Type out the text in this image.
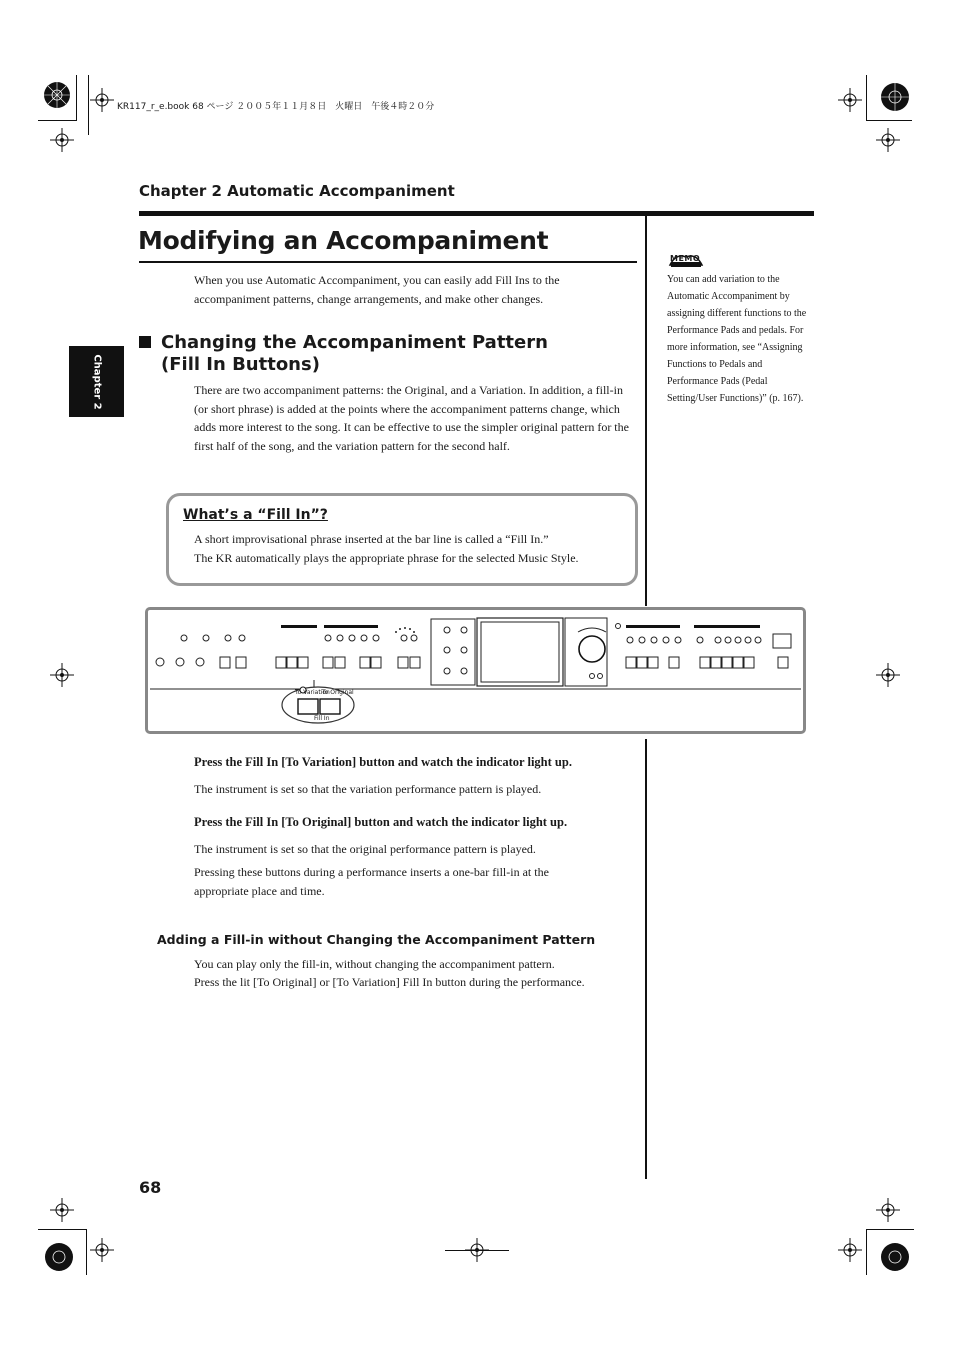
KR117_r_e.book 68 ページ ２００５年１１月８日　火曜日　午後４時２０分
Chapter 2 Automatic Accompaniment
Chapter 2
Modifying an Accompaniment
When you use Automatic Accompaniment, you can easily add Fill Ins to the accompaniment patterns, change arrangements, and make other changes.
Changing the Accompaniment Pattern
(Fill In Buttons)
There are two accompaniment patterns: the Original, and a Variation. In addition, a fill-in (or short phrase) is added at the points where the accompaniment patterns change, which adds more interest to the song. It can be effective to use the simpler original pattern for the first half of the song, and the variation pattern for the second half.
What’s a “Fill In”?
A short improvisational phrase inserted at the bar line is called a “Fill In.”
The KR automatically plays the appropriate phrase for the selected Music Style.
MEMO
You can add variation to the Automatic Accompaniment by assigning different functions to the Performance Pads and pedals. For more information, see “Assigning Functions to Pedals and Performance Pads (Pedal Setting/User Functions)” (p. 167).
To Variation
To Original
Fill In
Press the Fill In [To Variation] button and watch the indicator light up.
The instrument is set so that the variation performance pattern is played.
Press the Fill In [To Original] button and watch the indicator light up.
The instrument is set so that the original performance pattern is played.
Pressing these buttons during a performance inserts a one-bar fill-in at the appropriate place and time.
Adding a Fill-in without Changing the Accompaniment Pattern
You can play only the fill-in, without changing the accompaniment pattern.
Press the lit [To Original] or [To Variation] Fill In button during the performance.
68
